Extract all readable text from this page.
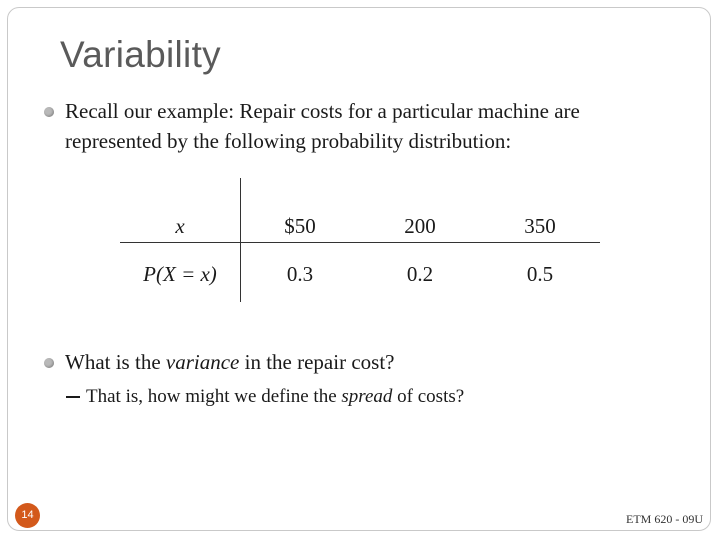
Variability
Recall our example: Repair costs for a particular machine are
represented by the following probability distribution:
x	$50	200	350
P(X = x)	0.3	0.2	0.5
What is the variance in the repair cost?
That is, how might we define the spread of costs?
14	ETM 620 - 09U
